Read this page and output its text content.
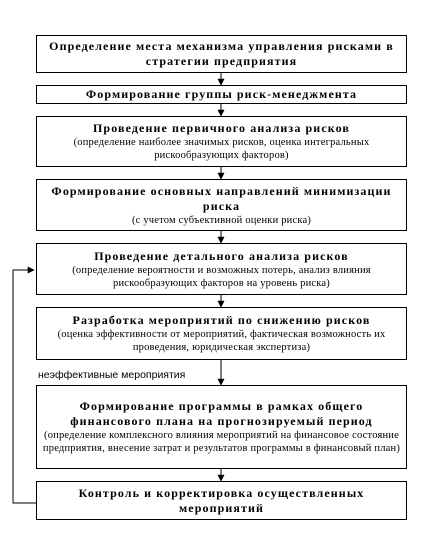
Определение места механизма управления рисками в стратегии предприятия
Формирование группы риск-менеджмента
Проведение первичного анализа рисков
(определение наиболее значимых рисков, оценка интегральных рискообразующих факторов)
Формирование основных направлений минимизации риска
(с учетом субъективной оценки риска)
Проведение детального анализа рисков
(определение вероятности и возможных потерь, анализ влияния рискообразующих факторов на уровень риска)
Разработка мероприятий по снижению рисков
(оценка эффективности от мероприятий, фактическая возможность их проведения, юридическая экспертиза)
неэффективные мероприятия
Формирование программы в рамках общего финансового плана на прогнозируемый период
(определение комплексного влияния мероприятий на финансовое состояние предприятия, внесение затрат и результатов программы в финансовый план)
Контроль и корректировка осуществленных мероприятий
